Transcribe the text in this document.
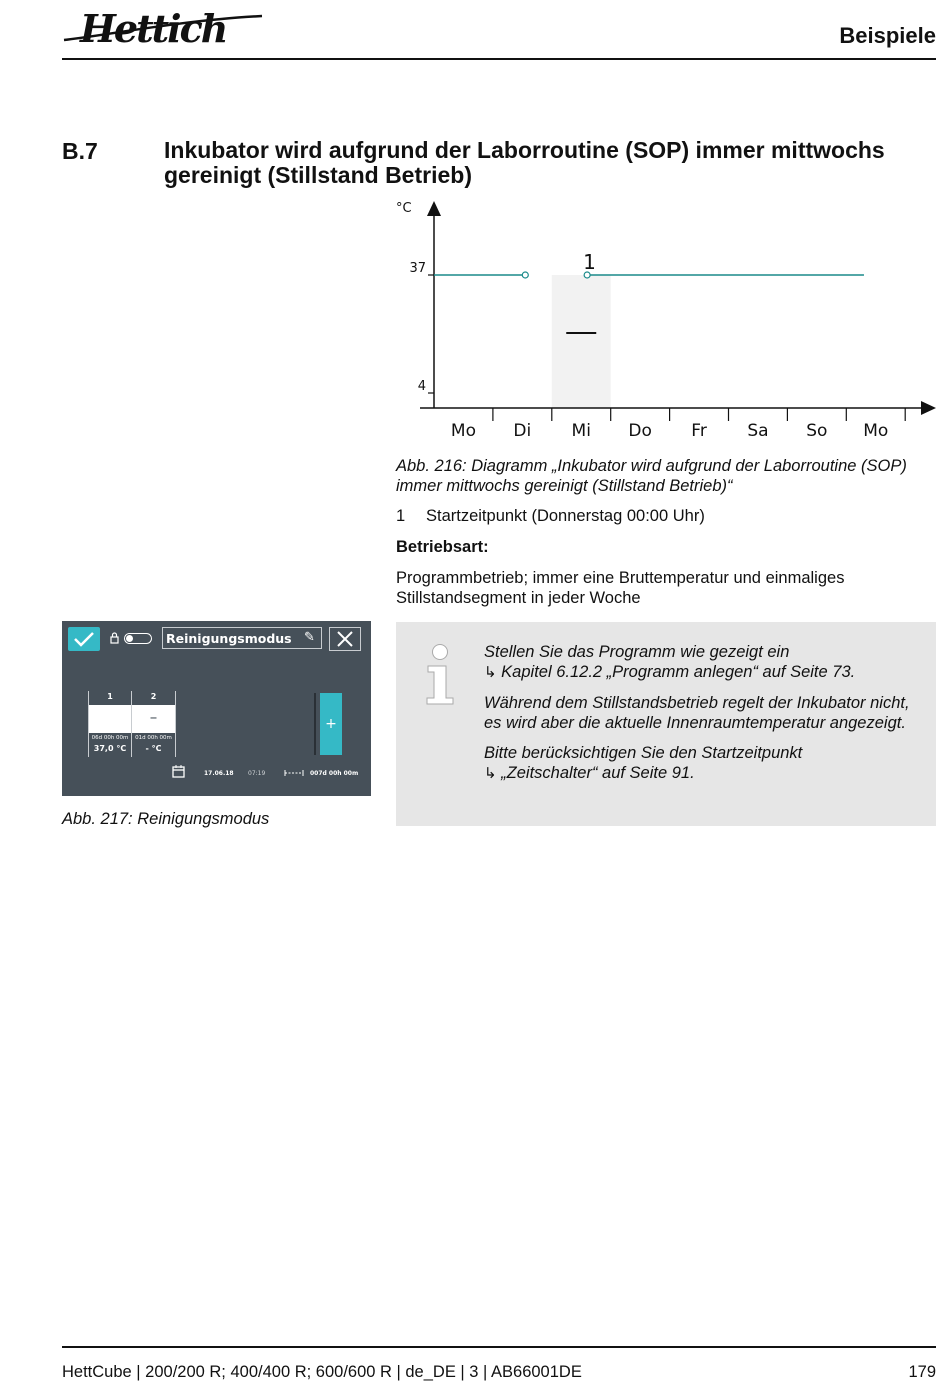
Hettich	Beispiele
B.7	Inkubator wird aufgrund der Laborroutine (SOP) immer mittwochs gereinigt (Stillstand Betrieb)
°C
37
4
Mo Di Mi Do Fr Sa So Mo
1
Abb. 216: Diagramm „Inkubator wird aufgrund der Laborroutine (SOP) immer mittwochs gereinigt (Stillstand Betrieb)“
1 Startzeitpunkt (Donnerstag 00:00 Uhr)
Betriebsart:
Programmbetrieb; immer eine Bruttemperatur und einmaliges Stillstandsegment in jeder Woche

Stellen Sie das Programm wie gezeigt ein
↳ Kapitel 6.12.2 „Programm anlegen“ auf Seite 73.

Während dem Stillstandsbetrieb regelt der Inkubator nicht, es wird aber die aktuelle Innenraumtemperatur angezeigt.

Bitte berücksichtigen Sie den Startzeitpunkt
↳ „Zeitschalter“ auf Seite 91.

Reinigungsmodus ✎
1
06d 00h 00m
37,0 °C
2
–
01d 00h 00m
- °C
+
17.06.18 07:19	007d 00h 00m
Abb. 217: Reinigungsmodus
HettCube | 200/200 R; 400/400 R; 600/600 R | de_DE | 3 | AB66001DE	179
